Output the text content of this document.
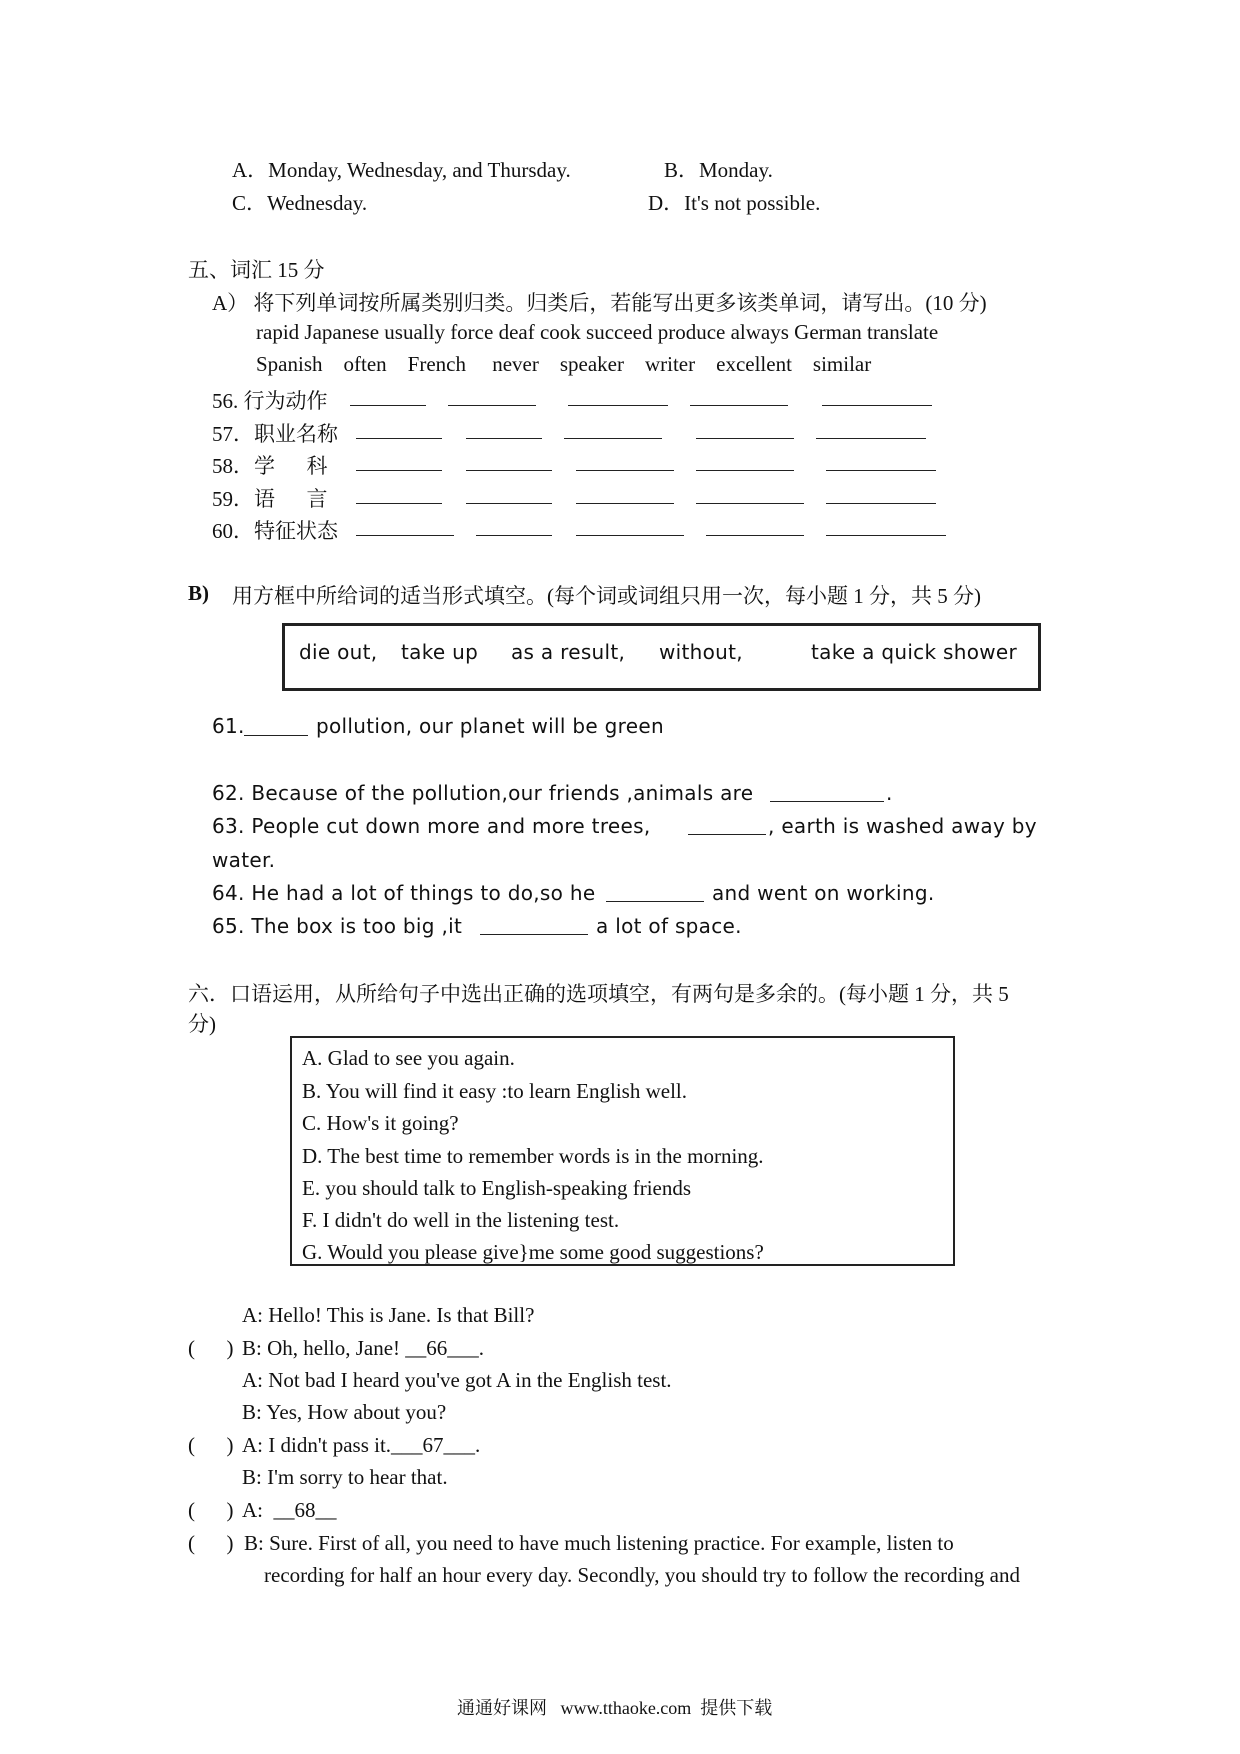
A．Monday, Wednesday, and Thursday.	B．Monday.
C．Wednesday.	D．It's not possible.
五、词汇 15 分
A） 将下列单词按所属类别归类。归类后，若能写出更多该类单词，请写出。(10 分)
rapid Japanese usually force deaf cook succeed produce always German translate
Spanish    often    French     never    speaker    writer    excellent    similar
56. 行为动作
57．职业名称
58．学      科
59．语      言
60．特征状态
B) 用方框中所给词的适当形式填空。(每个词或词组只用一次，每小题 1 分，共 5 分)
die out, take up as a result, without,	take a quick shower
61.	pollution, our planet will be green
62. Because of the pollution,our friends ,animals are	.
63. People cut down more and more trees,	, earth is washed away by
water.
64. He had a lot of things to do,so he	and went on working.
65. The box is too big ,it	a lot of space.
六．口语运用，从所给句子中选出正确的选项填空，有两句是多余的。(每小题 1 分，共 5
分)
A. Glad to see you again.
B. You will find it easy :to learn English well.
C. How's it going?
D. The best time to remember words is in the morning.
E. you should talk to English-speaking friends
F. I didn't do well in the listening test.
G. Would you please give}me some good suggestions?
A: Hello! This is Jane. Is that Bill?
(      ) B: Oh, hello, Jane! __66___.
A: Not bad I heard you've got A in the English test.
B: Yes, How about you?
(      ) A: I didn't pass it.___67___.
B: I'm sorry to hear that.
(      ) A:  __68__
(      ) B: Sure. First of all, you need to have much listening practice. For example, listen to
recording for half an hour every day. Secondly, you should try to follow the recording and
通通好课网   www.tthaoke.com  提供下载
